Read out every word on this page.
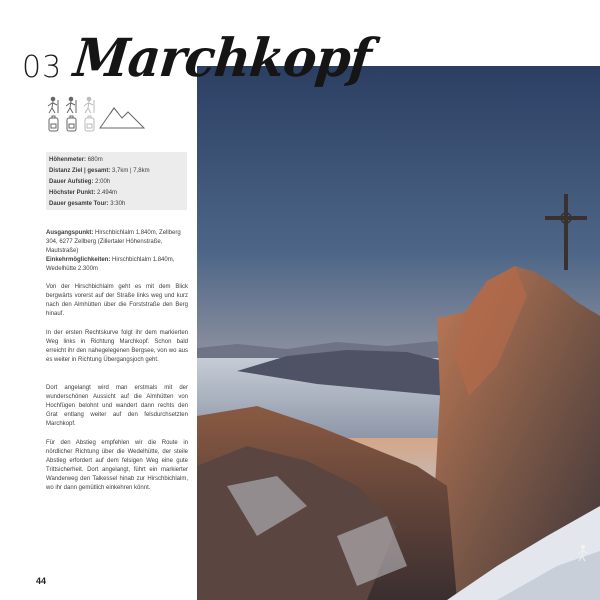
03 Marchkopf
Höhenmeter: 680m
Distanz Ziel | gesamt: 3,7km | 7,8km
Dauer Aufstieg: 2:00h
Höchster Punkt: 2.494m
Dauer gesamte Tour: 3:30h
Ausgangspunkt: Hirschbichlalm 1.840m, Zellberg 304, 6277 Zellberg (Zillertaler Höhenstraße, Mautstraße)
Einkehrmöglichkeiten: Hirschbichlalm 1.840m, Wedelhütte 2.300m
Von der Hirschbichlalm geht es mit dem Blick bergwärts vorerst auf der Straße links weg und kurz nach den Almhütten über die Forststraße den Berg hinauf.
In der ersten Rechtskurve folgt ihr dem markierten Weg links in Richtung Marchkopf. Schon bald erreicht ihr den nahegelegenen Bergsee, von wo aus es weiter in Richtung Übergangsjoch geht.
Dort angelangt wird man erstmals mit der wunderschönen Aussicht auf die Almhütten von Hochfügen belohnt und wandert dann rechts den Grat entlang weiter auf den felsdurchsetzten Marchkopf.
Für den Abstieg empfehlen wir die Route in nördlicher Richtung über die Wedelhütte, der steile Abstieg erfordert auf dem felsigen Weg eine gute Trittsicherheit. Dort angelangt, führt ein markierter Wanderweg den Talkessel hinab zur Hirschbichlalm, wo ihr dann gemütlich einkehren könnt.
44
